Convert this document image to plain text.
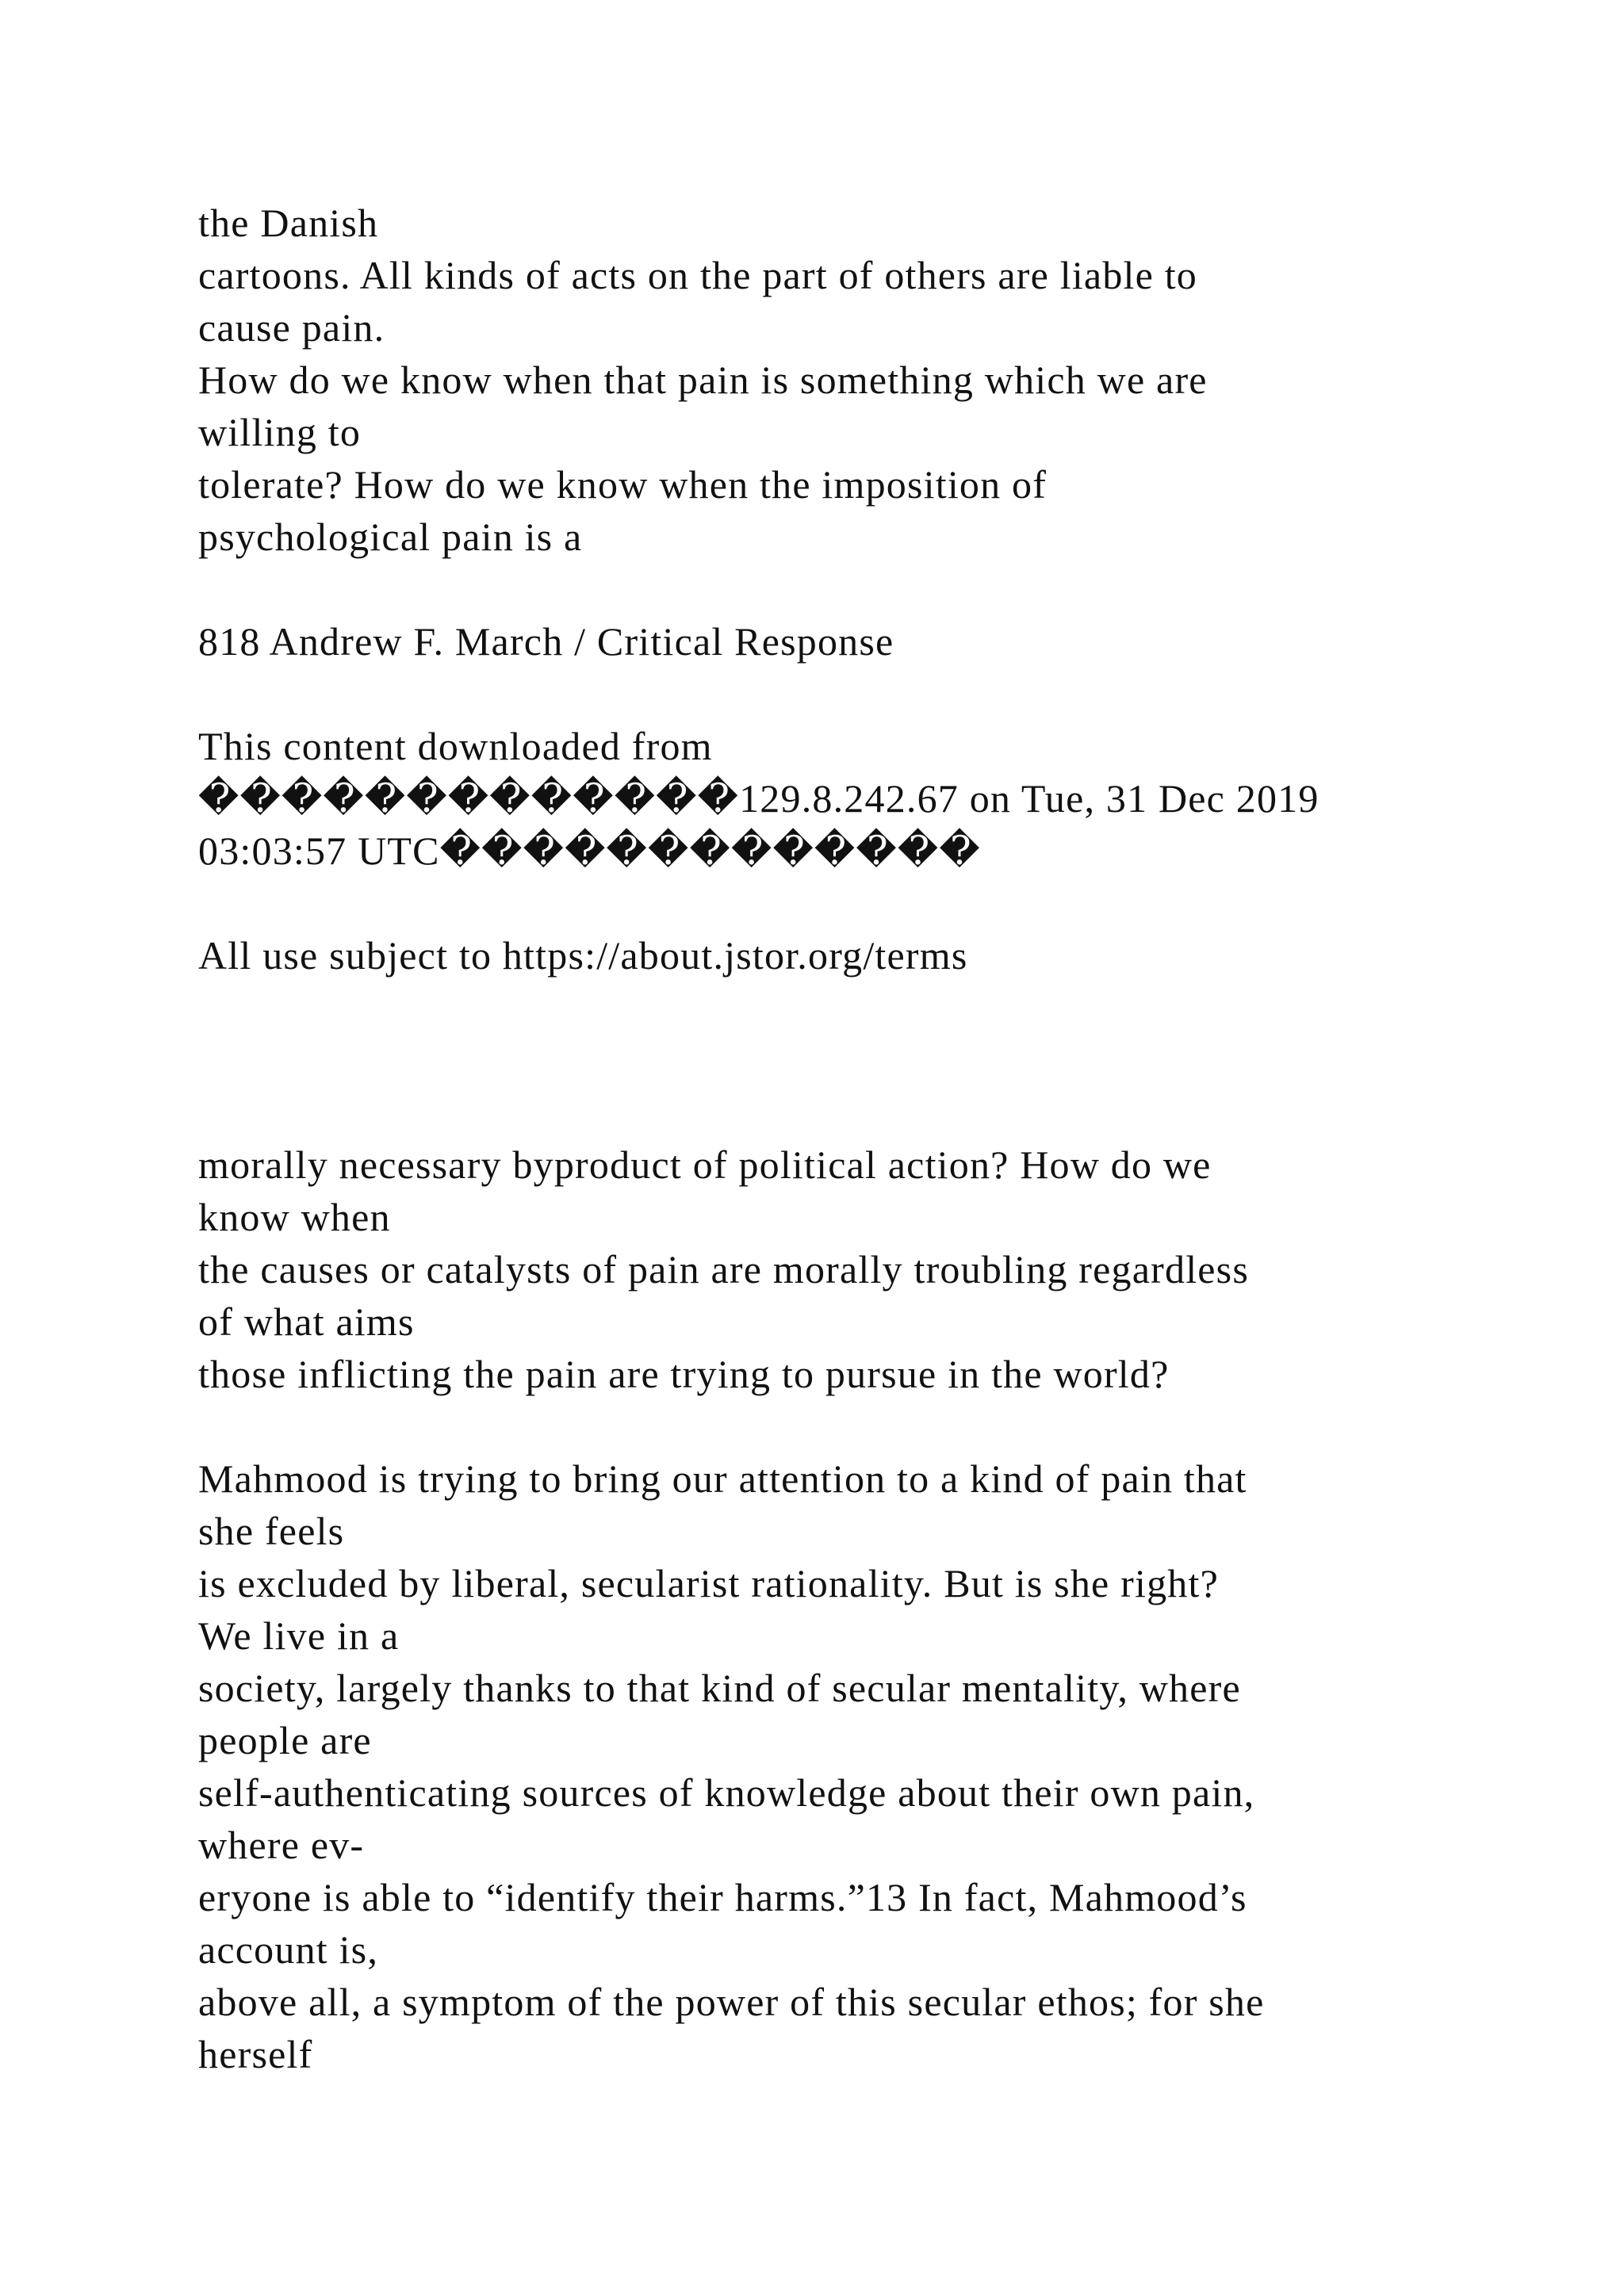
the Danish
cartoons. All kinds of acts on the part of others are liable to
cause pain.
How do we know when that pain is something which we are
willing to
tolerate? How do we know when the imposition of
psychological pain is a
818 Andrew F. March / Critical Response
This content downloaded from
�������������129.8.242.67 on Tue, 31 Dec 2019
03:03:57 UTC�������������
All use subject to https://about.jstor.org/terms
morally necessary byproduct of political action? How do we
know when
the causes or catalysts of pain are morally troubling regardless
of what aims
those inflicting the pain are trying to pursue in the world?
Mahmood is trying to bring our attention to a kind of pain that
she feels
is excluded by liberal, secularist rationality. But is she right?
We live in a
society, largely thanks to that kind of secular mentality, where
people are
self-authenticating sources of knowledge about their own pain,
where ev-
eryone is able to “identify their harms.”13 In fact, Mahmood’s
account is,
above all, a symptom of the power of this secular ethos; for she
herself
